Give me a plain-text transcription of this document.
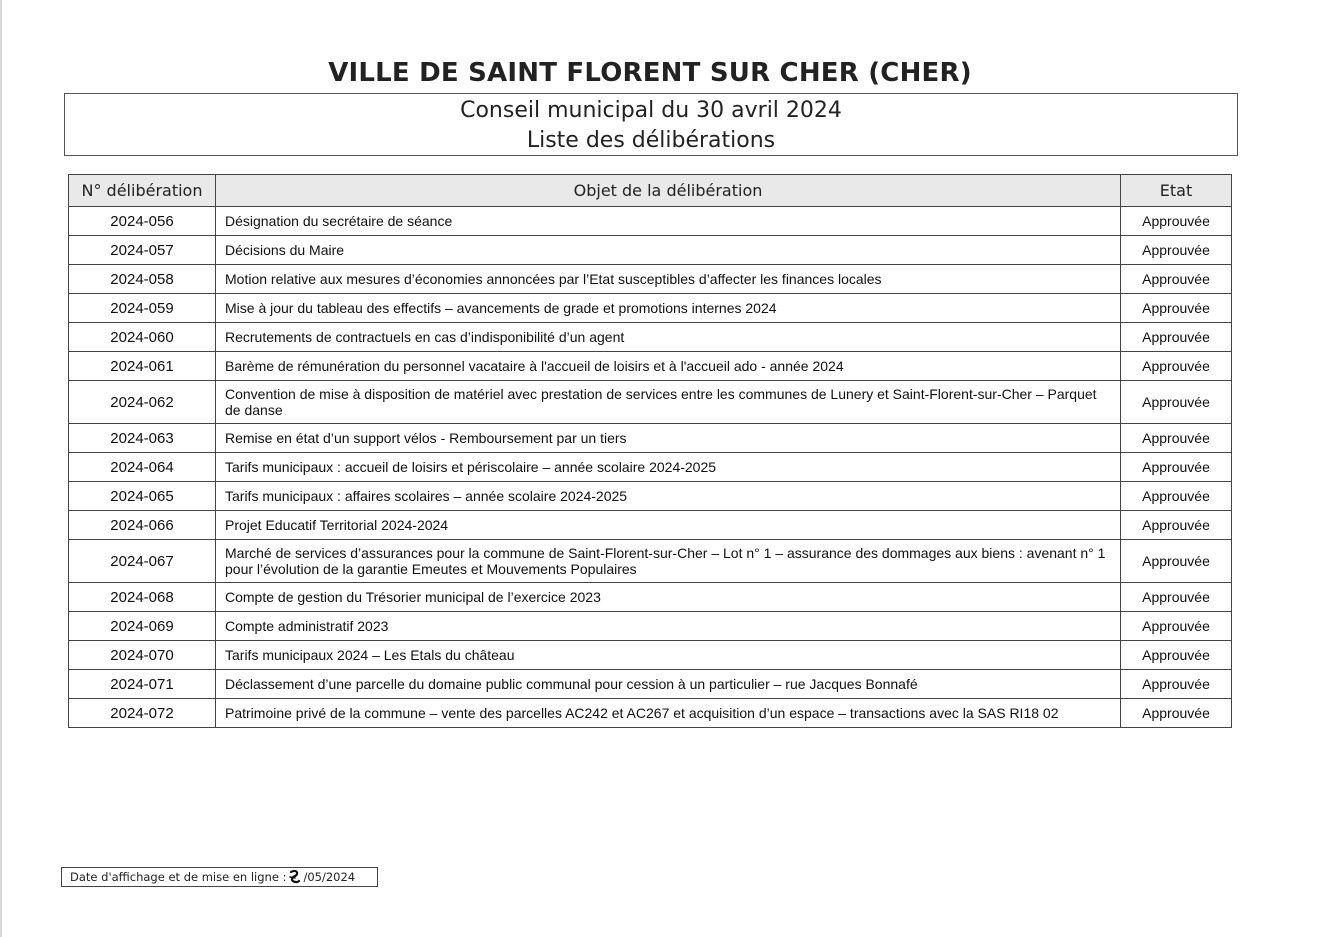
VILLE DE SAINT FLORENT SUR CHER (CHER)
Conseil municipal du 30 avril 2024
Liste des délibérations
N° délibération	Objet de la délibération	Etat
2024-056	Désignation du secrétaire de séance	Approuvée
2024-057	Décisions du Maire	Approuvée
2024-058	Motion relative aux mesures d’économies annoncées par l’Etat susceptibles d’affecter les finances locales	Approuvée
2024-059	Mise à jour du tableau des effectifs – avancements de grade et promotions internes 2024	Approuvée
2024-060	Recrutements de contractuels en cas d’indisponibilité d’un agent	Approuvée
2024-061	Barème de rémunération du personnel vacataire à l'accueil de loisirs et à l'accueil ado - année 2024	Approuvée
2024-062	Convention de mise à disposition de matériel avec prestation de services entre les communes de Lunery et Saint-Florent-sur-Cher – Parquet de danse	Approuvée
2024-063	Remise en état d’un support vélos - Remboursement par un tiers	Approuvée
2024-064	Tarifs municipaux : accueil de loisirs et périscolaire – année scolaire 2024-2025	Approuvée
2024-065	Tarifs municipaux : affaires scolaires – année scolaire 2024-2025	Approuvée
2024-066	Projet Educatif Territorial 2024-2024	Approuvée
2024-067	Marché de services d’assurances pour la commune de Saint-Florent-sur-Cher – Lot n° 1 – assurance des dommages aux biens : avenant n° 1 pour l’évolution de la garantie Emeutes et Mouvements Populaires	Approuvée
2024-068	Compte de gestion du Trésorier municipal de l’exercice 2023	Approuvée
2024-069	Compte administratif 2023	Approuvée
2024-070	Tarifs municipaux 2024 – Les Etals du château	Approuvée
2024-071	Déclassement d’une parcelle du domaine public communal pour cession à un particulier – rue Jacques Bonnafé	Approuvée
2024-072	Patrimoine privé de la commune – vente des parcelles AC242 et AC267 et acquisition d’un espace – transactions avec la SAS RI18 02	Approuvée
Date d'affichage et de mise en ligne : /05/2024
